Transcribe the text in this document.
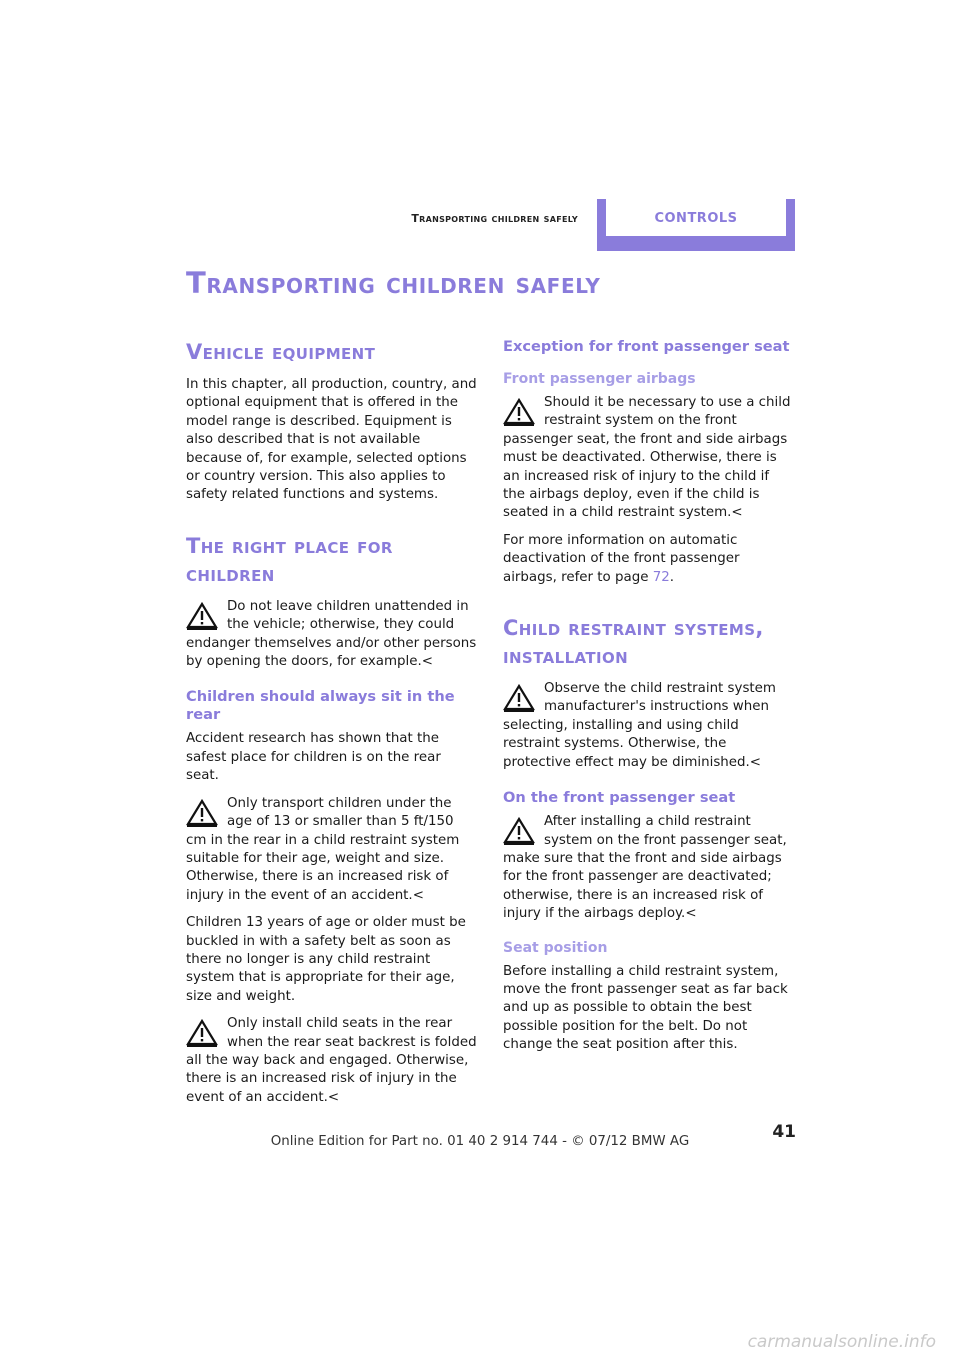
Transporting children safely	CONTROLS
Transporting children safely
Vehicle equipment

In this chapter, all production, country, and optional equipment that is offered in the model range is described. Equipment is also described that is not available because of, for example, selected options or country version. This also applies to safety related functions and systems.

The right place for
children
Do not leave children unattended in the vehicle; otherwise, they could endanger themselves and/or other persons by opening the doors, for example.<
Children should always sit in the rear

Accident research has shown that the safest place for children is on the rear seat.

Only transport children under the age of 13 or smaller than 5 ft/150 cm in the rear in a child restraint system suitable for their age, weight and size. Otherwise, there is an increased risk of injury in the event of an accident.<

Children 13 years of age or older must be buckled in with a safety belt as soon as there no longer is any child restraint system that is appropriate for their age, size and weight.

Only install child seats in the rear when the rear seat backrest is folded all the way back and engaged. Otherwise, there is an increased risk of injury in the event of an accident.<
Exception for front passenger seat
Front passenger airbags
Should it be necessary to use a child restraint system on the front passenger seat, the front and side airbags must be deactivated. Otherwise, there is an increased risk of injury to the child if the airbags deploy, even if the child is seated in a child restraint system.<

For more information on automatic deactivation of the front passenger airbags, refer to page 72.

Child restraint systems,
installation
Observe the child restraint system manufacturer's instructions when selecting, installing and using child restraint systems. Otherwise, the protective effect may be diminished.<
On the front passenger seat
After installing a child restraint system on the front passenger seat, make sure that the front and side airbags for the front passenger are deactivated; otherwise, there is an increased risk of injury if the airbags deploy.<
Seat position

Before installing a child restraint system, move the front passenger seat as far back and up as possible to obtain the best possible position for the belt. Do not change the seat position after this.

41
Online Edition for Part no. 01 40 2 914 744 - © 07/12 BMW AG
carmanualsonline.info
